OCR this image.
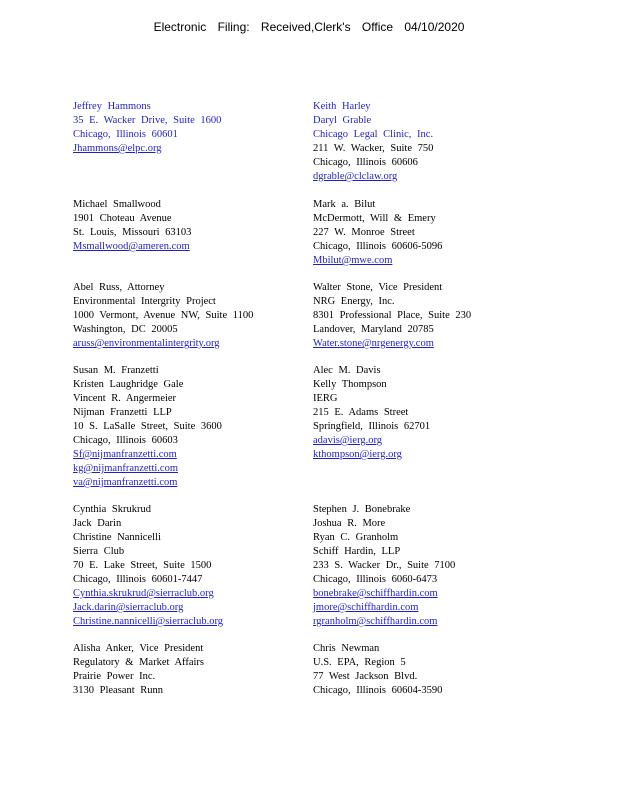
Electronic Filing: Received,Clerk's Office 04/10/2020
Jeffrey Hammons
35 E. Wacker Drive, Suite 1600
Chicago, Illinois 60601
Jhammons@elpc.org
Michael Smallwood
1901 Choteau Avenue
St. Louis, Missouri 63103
Msmallwood@ameren.com
Abel Russ, Attorney
Environmental Intergrity Project
1000 Vermont, Avenue NW, Suite 1100
Washington, DC 20005
aruss@environmentalintergrity.org
Susan M. Franzetti
Kristen Laughridge Gale
Vincent R. Angermeier
Nijman Franzetti LLP
10 S. LaSalle Street, Suite 3600
Chicago, Illinois 60603
Sf@nijmanfranzetti.com
kg@nijmanfranzetti.com
va@nijmanfranzetti.com
Cynthia Skrukrud
Jack Darin
Christine Nannicelli
Sierra Club
70 E. Lake Street, Suite 1500
Chicago, Illinois 60601-7447
Cynthia.skrukrud@sierraclub.org
Jack.darin@sierraclub.org
Christine.nannicelli@sierraclub.org
Alisha Anker, Vice President
Regulatory & Market Affairs
Prairie Power Inc.
3130 Pleasant Runn
Keith Harley
Daryl Grable
Chicago Legal Clinic, Inc.
211 W. Wacker, Suite 750
Chicago, Illinois 60606
dgrable@clclaw.org
Mark a. Bilut
McDermott, Will & Emery
227 W. Monroe Street
Chicago, Illinois 60606-5096
Mbilut@mwe.com
Walter Stone, Vice President
NRG Energy, Inc.
8301 Professional Place, Suite 230
Landover, Maryland 20785
Water.stone@nrgenergy.com
Alec M. Davis
Kelly Thompson
IERG
215 E. Adams Street
Springfield, Illinois 62701
adavis@ierg.org
kthompson@ierg.org
Stephen J. Bonebrake
Joshua R. More
Ryan C. Granholm
Schiff Hardin, LLP
233 S. Wacker Dr., Suite 7100
Chicago, Illinois 6060-6473
bonebrake@schiffhardin.com
jmore@schiffhardin.com
rgranholm@schiffhardin.com
Chris Newman
U.S. EPA, Region 5
77 West Jackson Blvd.
Chicago, Illinois 60604-3590
